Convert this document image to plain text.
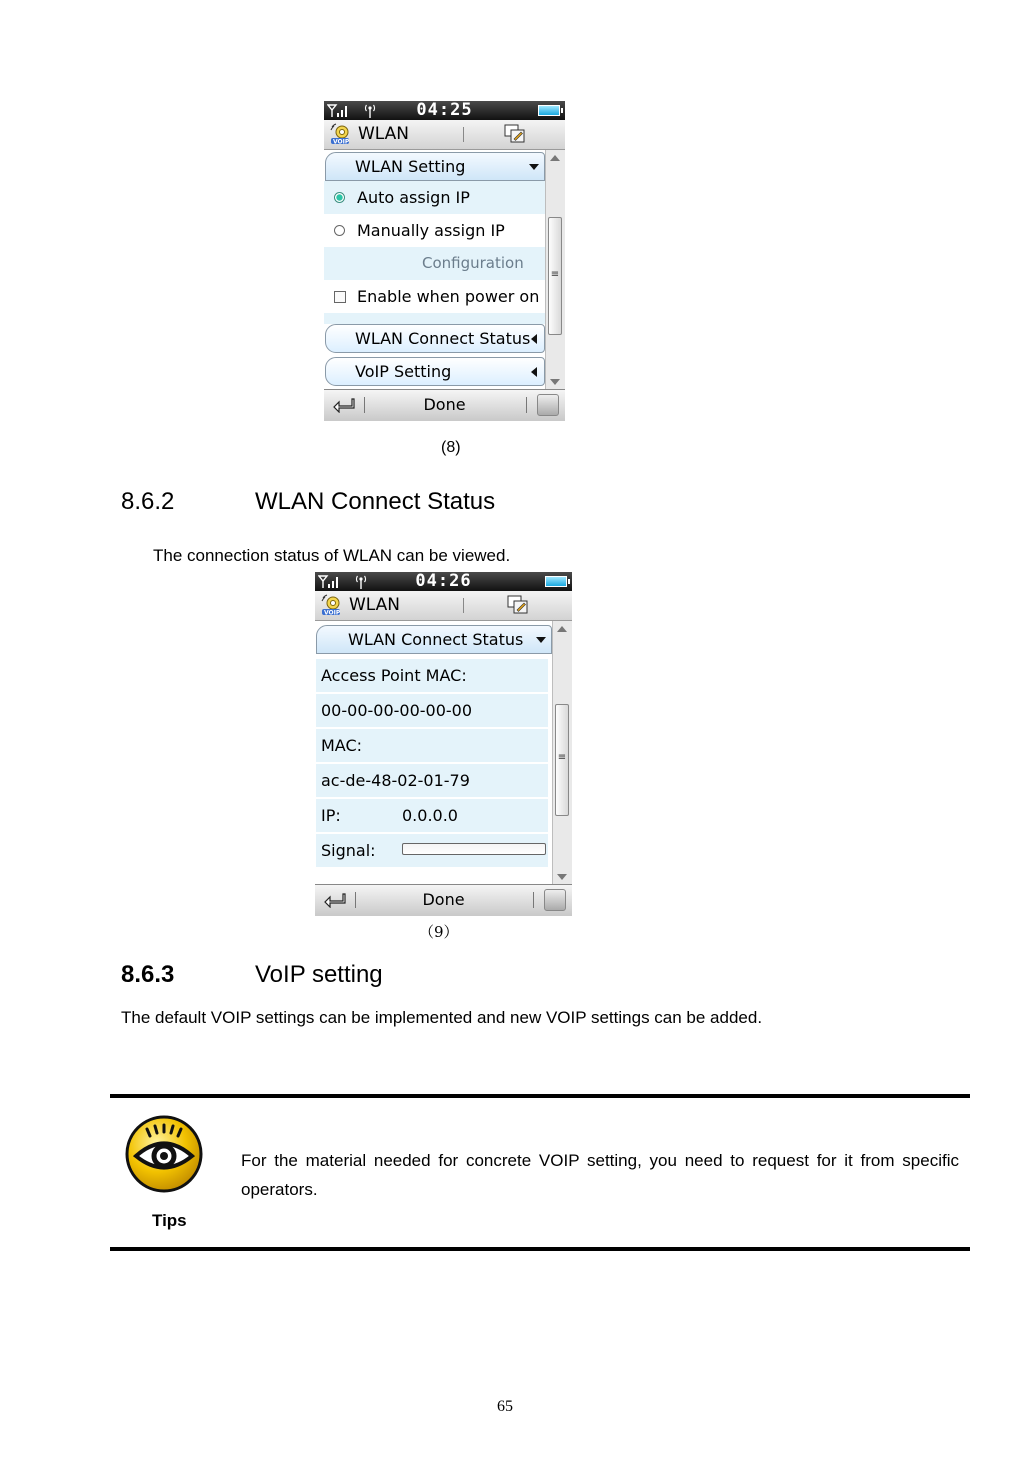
04:25
VOIP WLAN
WLAN Setting
Auto assign IP
Manually assign IP
Configuration
Enable when power on
WLAN Connect Status
VoIP Setting
≡
Done
(8)
8.6.2	WLAN Connect Status
The connection status of WLAN can be viewed.
04:26
VOIP WLAN
WLAN Connect Status
Access Point MAC:
00-00-00-00-00-00
MAC:
ac-de-48-02-01-79
IP:	0.0.0.0
Signal:
≡
Done
（9）
8.6.3	VoIP setting
The default VOIP settings can be implemented and new VOIP settings can be added.
For the material needed for concrete VOIP setting, you need to request for it from specific operators.
Tips
65
